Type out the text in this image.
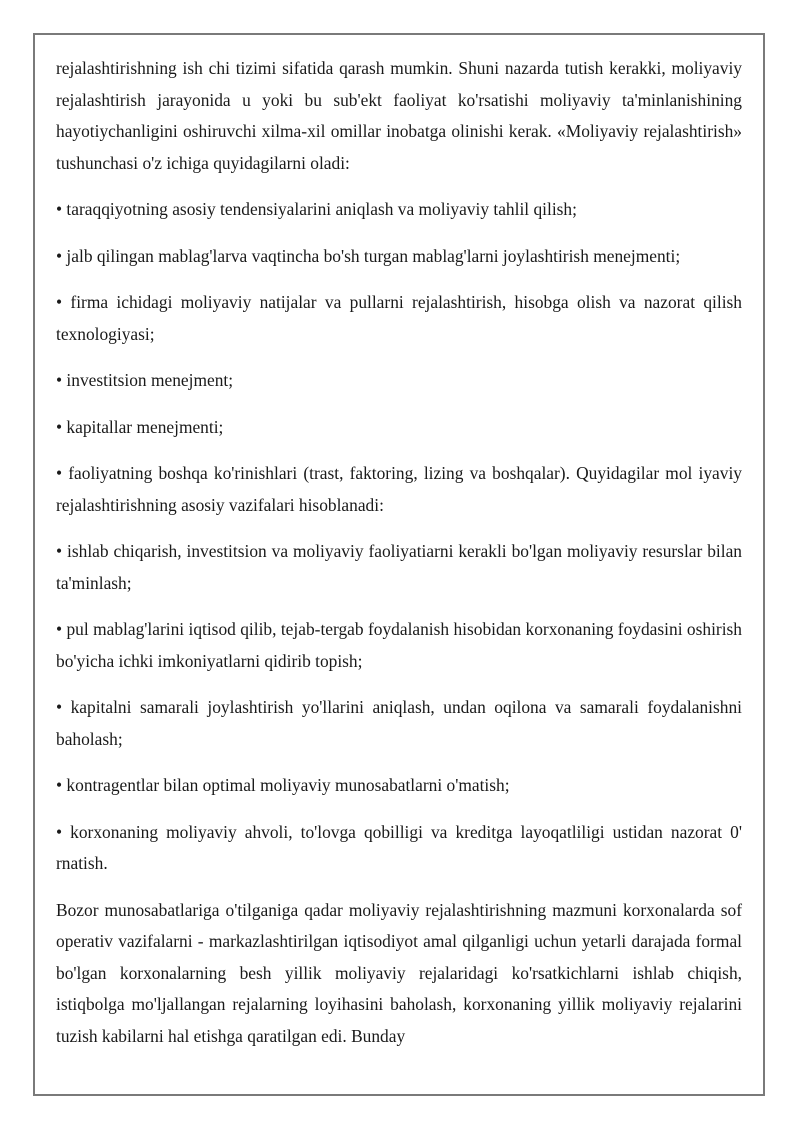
rejalashtirishning ish chi tizimi sifatida qarash mumkin. Shuni nazarda tutish kerakki, moliyaviy rejalashtirish jarayonida u yoki bu sub'ekt faoliyat ko'rsatishi moliyaviy ta'minlanishining hayotiychanligini oshiruvchi xilma-xil omillar inobatga olinishi kerak. «Moliyaviy rejalashtirish» tushunchasi o'z ichiga quyidagilarni oladi:

• taraqqiyotning asosiy tendensiyalarini aniqlash va moliyaviy tahlil qilish;

• jalb qilingan mablag'larva vaqtincha bo'sh turgan mablag'larni joylashtirish menejmenti;

• firma ichidagi moliyaviy natijalar va pullarni rejalashtirish, hisobga olish va nazorat qilish texnologiyasi;

• investitsion menejment;

• kapitallar menejmenti;

• faoliyatning boshqa ko'rinishlari (trast, faktoring, lizing va boshqalar). Quyidagilar mol iyaviy rejalashtirishning asosiy vazifalari hisoblanadi:

• ishlab chiqarish, investitsion va moliyaviy faoliyatiarni kerakli bo'lgan moliyaviy resurslar bilan ta'minlash;

• pul mablag'larini iqtisod qilib, tejab-tergab foydalanish hisobidan korxonaning foydasini oshirish bo'yicha ichki imkoniyatlarni qidirib topish;

• kapitalni samarali joylashtirish yo'llarini aniqlash, undan oqilona va samarali foydalanishni baholash;

• kontragentlar bilan optimal moliyaviy munosabatlarni o'matish;

• korxonaning moliyaviy ahvoli, to'lovga qobilligi va kreditga layoqatliligi ustidan nazorat 0' rnatish.

Bozor munosabatlariga o'tilganiga qadar moliyaviy rejalashtirishning mazmuni korxonalarda sof operativ vazifalarni - markazlashtirilgan iqtisodiyot amal qilganligi uchun yetarli darajada formal bo'lgan korxonalarning besh yillik moliyaviy rejalaridagi ko'rsatkichlarni ishlab chiqish, istiqbolga mo'ljallangan rejalarning loyihasini baholash, korxonaning yillik moliyaviy rejalarini tuzish kabilarni hal etishga qaratilgan edi. Bunday
